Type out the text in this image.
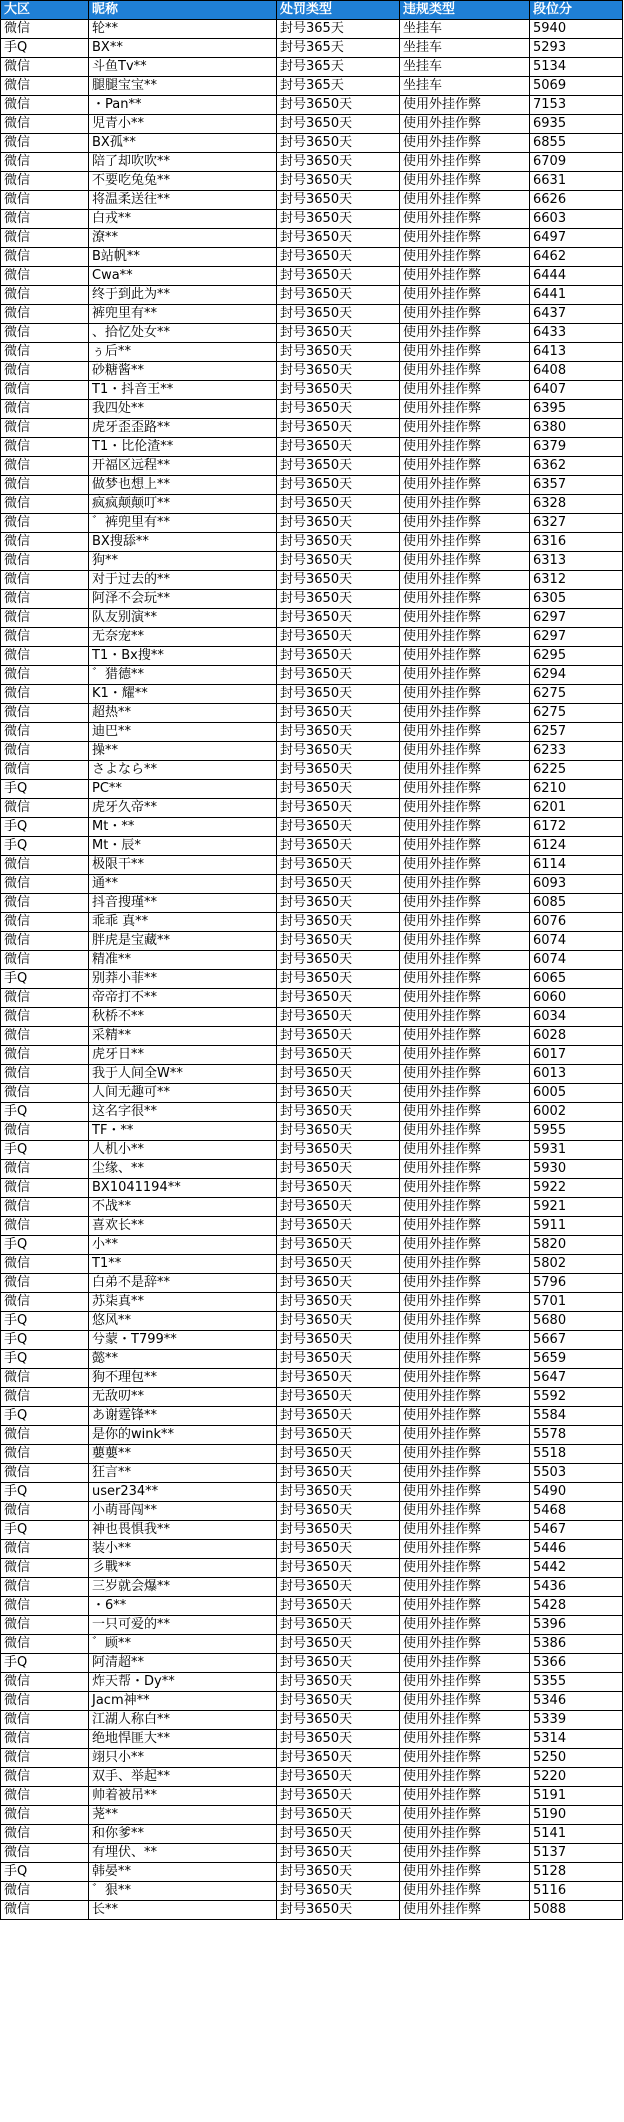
大区	昵称	处罚类型	违规类型	段位分
微信	轮**	封号365天	坐挂车	5940
手Q	BX**	封号365天	坐挂车	5293
微信	斗鱼Tv**	封号365天	坐挂车	5134
微信	腿腿宝宝**	封号365天	坐挂车	5069
微信	・Pan**	封号3650天	使用外挂作弊	7153
微信	児青小**	封号3650天	使用外挂作弊	6935
微信	BX孤**	封号3650天	使用外挂作弊	6855
微信	陪了却吹吹**	封号3650天	使用外挂作弊	6709
微信	不要吃兔兔**	封号3650天	使用外挂作弊	6631
微信	将温柔送往**	封号3650天	使用外挂作弊	6626
微信	白戎**	封号3650天	使用外挂作弊	6603
微信	潦**	封号3650天	使用外挂作弊	6497
微信	B站帆**	封号3650天	使用外挂作弊	6462
微信	Cwa**	封号3650天	使用外挂作弊	6444
微信	终于到此为**	封号3650天	使用外挂作弊	6441
微信	裤兜里有**	封号3650天	使用外挂作弊	6437
微信	、拾忆处女**	封号3650天	使用外挂作弊	6433
微信	ぅ后**	封号3650天	使用外挂作弊	6413
微信	砂糖酱**	封号3650天	使用外挂作弊	6408
微信	T1・抖音王**	封号3650天	使用外挂作弊	6407
微信	我四处**	封号3650天	使用外挂作弊	6395
微信	虎牙歪歪路**	封号3650天	使用外挂作弊	6380
微信	T1・比伦渣**	封号3650天	使用外挂作弊	6379
微信	开福区远程**	封号3650天	使用外挂作弊	6362
微信	做梦也想上**	封号3650天	使用外挂作弊	6357
微信	疯疯颠颠叮**	封号3650天	使用外挂作弊	6328
微信	゛裤兜里有**	封号3650天	使用外挂作弊	6327
微信	BX搜舔**	封号3650天	使用外挂作弊	6316
微信	狗**	封号3650天	使用外挂作弊	6313
微信	对于过去的**	封号3650天	使用外挂作弊	6312
微信	阿泽不会玩**	封号3650天	使用外挂作弊	6305
微信	队友别演**	封号3650天	使用外挂作弊	6297
微信	无奈宠**	封号3650天	使用外挂作弊	6297
微信	T1・Bx搜**	封号3650天	使用外挂作弊	6295
微信	゛猎德**	封号3650天	使用外挂作弊	6294
微信	K1・耀**	封号3650天	使用外挂作弊	6275
微信	超热**	封号3650天	使用外挂作弊	6275
微信	迪巴**	封号3650天	使用外挂作弊	6257
微信	操**	封号3650天	使用外挂作弊	6233
微信	さよなら**	封号3650天	使用外挂作弊	6225
手Q	PC**	封号3650天	使用外挂作弊	6210
微信	虎牙久帝**	封号3650天	使用外挂作弊	6201
手Q	Mt・**	封号3650天	使用外挂作弊	6172
手Q	Mt・辰*	封号3650天	使用外挂作弊	6124
微信	极限干**	封号3650天	使用外挂作弊	6114
微信	通**	封号3650天	使用外挂作弊	6093
微信	抖音搜瑾**	封号3650天	使用外挂作弊	6085
微信	乖乖 真**	封号3650天	使用外挂作弊	6076
微信	胖虎是宝藏**	封号3650天	使用外挂作弊	6074
微信	精准**	封号3650天	使用外挂作弊	6074
手Q	别莽小菲**	封号3650天	使用外挂作弊	6065
微信	帝帝打不**	封号3650天	使用外挂作弊	6060
微信	秋桥不**	封号3650天	使用外挂作弊	6034
微信	采精**	封号3650天	使用外挂作弊	6028
微信	虎牙日**	封号3650天	使用外挂作弊	6017
微信	我于人间全W**	封号3650天	使用外挂作弊	6013
微信	人间无趣可**	封号3650天	使用外挂作弊	6005
手Q	这名字很**	封号3650天	使用外挂作弊	6002
微信	TF・**	封号3650天	使用外挂作弊	5955
手Q	人机小**	封号3650天	使用外挂作弊	5931
微信	尘缘、**	封号3650天	使用外挂作弊	5930
微信	BX1041194**	封号3650天	使用外挂作弊	5922
微信	不战**	封号3650天	使用外挂作弊	5921
微信	喜欢长**	封号3650天	使用外挂作弊	5911
手Q	小**	封号3650天	使用外挂作弊	5820
微信	T1**	封号3650天	使用外挂作弊	5802
微信	白弟不是辞**	封号3650天	使用外挂作弊	5796
微信	苏柒真**	封号3650天	使用外挂作弊	5701
手Q	悠风**	封号3650天	使用外挂作弊	5680
手Q	兮蒙・T799**	封号3650天	使用外挂作弊	5667
手Q	懿**	封号3650天	使用外挂作弊	5659
微信	狗不理包**	封号3650天	使用外挂作弊	5647
微信	无敌叨**	封号3650天	使用外挂作弊	5592
手Q	あ谢霆锋**	封号3650天	使用外挂作弊	5584
微信	是你的wink**	封号3650天	使用外挂作弊	5578
微信	蘡蘡**	封号3650天	使用外挂作弊	5518
微信	狂言**	封号3650天	使用外挂作弊	5503
手Q	user234**	封号3650天	使用外挂作弊	5490
微信	小萌哥闯**	封号3650天	使用外挂作弊	5468
手Q	神也畏惧我**	封号3650天	使用外挂作弊	5467
微信	装小**	封号3650天	使用外挂作弊	5446
微信	彡戰**	封号3650天	使用外挂作弊	5442
微信	三岁就会爆**	封号3650天	使用外挂作弊	5436
微信	・6**	封号3650天	使用外挂作弊	5428
微信	一只可爱的**	封号3650天	使用外挂作弊	5396
微信	゛顾**	封号3650天	使用外挂作弊	5386
手Q	阿清超**	封号3650天	使用外挂作弊	5366
微信	炸天帮・Dy**	封号3650天	使用外挂作弊	5355
微信	Jacm神**	封号3650天	使用外挂作弊	5346
微信	江湖人称白**	封号3650天	使用外挂作弊	5339
微信	绝地悍匪大**	封号3650天	使用外挂作弊	5314
微信	翊只小**	封号3650天	使用外挂作弊	5250
微信	双手、举起**	封号3650天	使用外挂作弊	5220
微信	帅着被吊**	封号3650天	使用外挂作弊	5191
微信	荛**	封号3650天	使用外挂作弊	5190
微信	和你爹**	封号3650天	使用外挂作弊	5141
微信	有埋伏、**	封号3650天	使用外挂作弊	5137
手Q	韩晏**	封号3650天	使用外挂作弊	5128
微信	゛狠**	封号3650天	使用外挂作弊	5116
微信	长**	封号3650天	使用外挂作弊	5088
